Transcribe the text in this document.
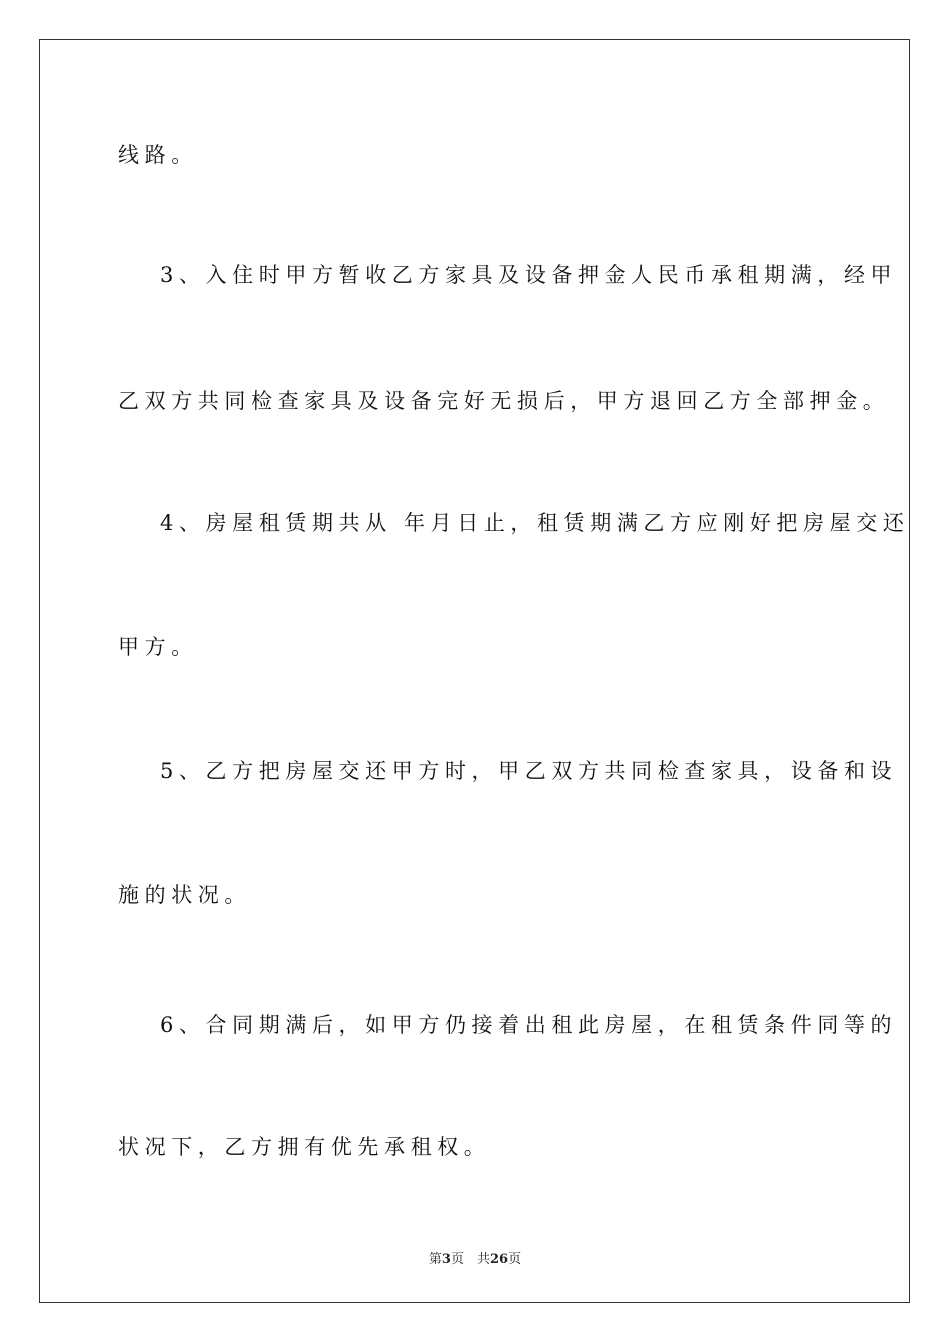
线路。
3、入住时甲方暂收乙方家具及设备押金人民币承租期满，经甲
乙双方共同检查家具及设备完好无损后，甲方退回乙方全部押金。
4、房屋租赁期共从 年月日止，租赁期满乙方应刚好把房屋交还
甲方。
5、乙方把房屋交还甲方时，甲乙双方共同检查家具，设备和设
施的状况。
6、合同期满后，如甲方仍接着出租此房屋，在租赁条件同等的
状况下，乙方拥有优先承租权。
第3页　共26页
